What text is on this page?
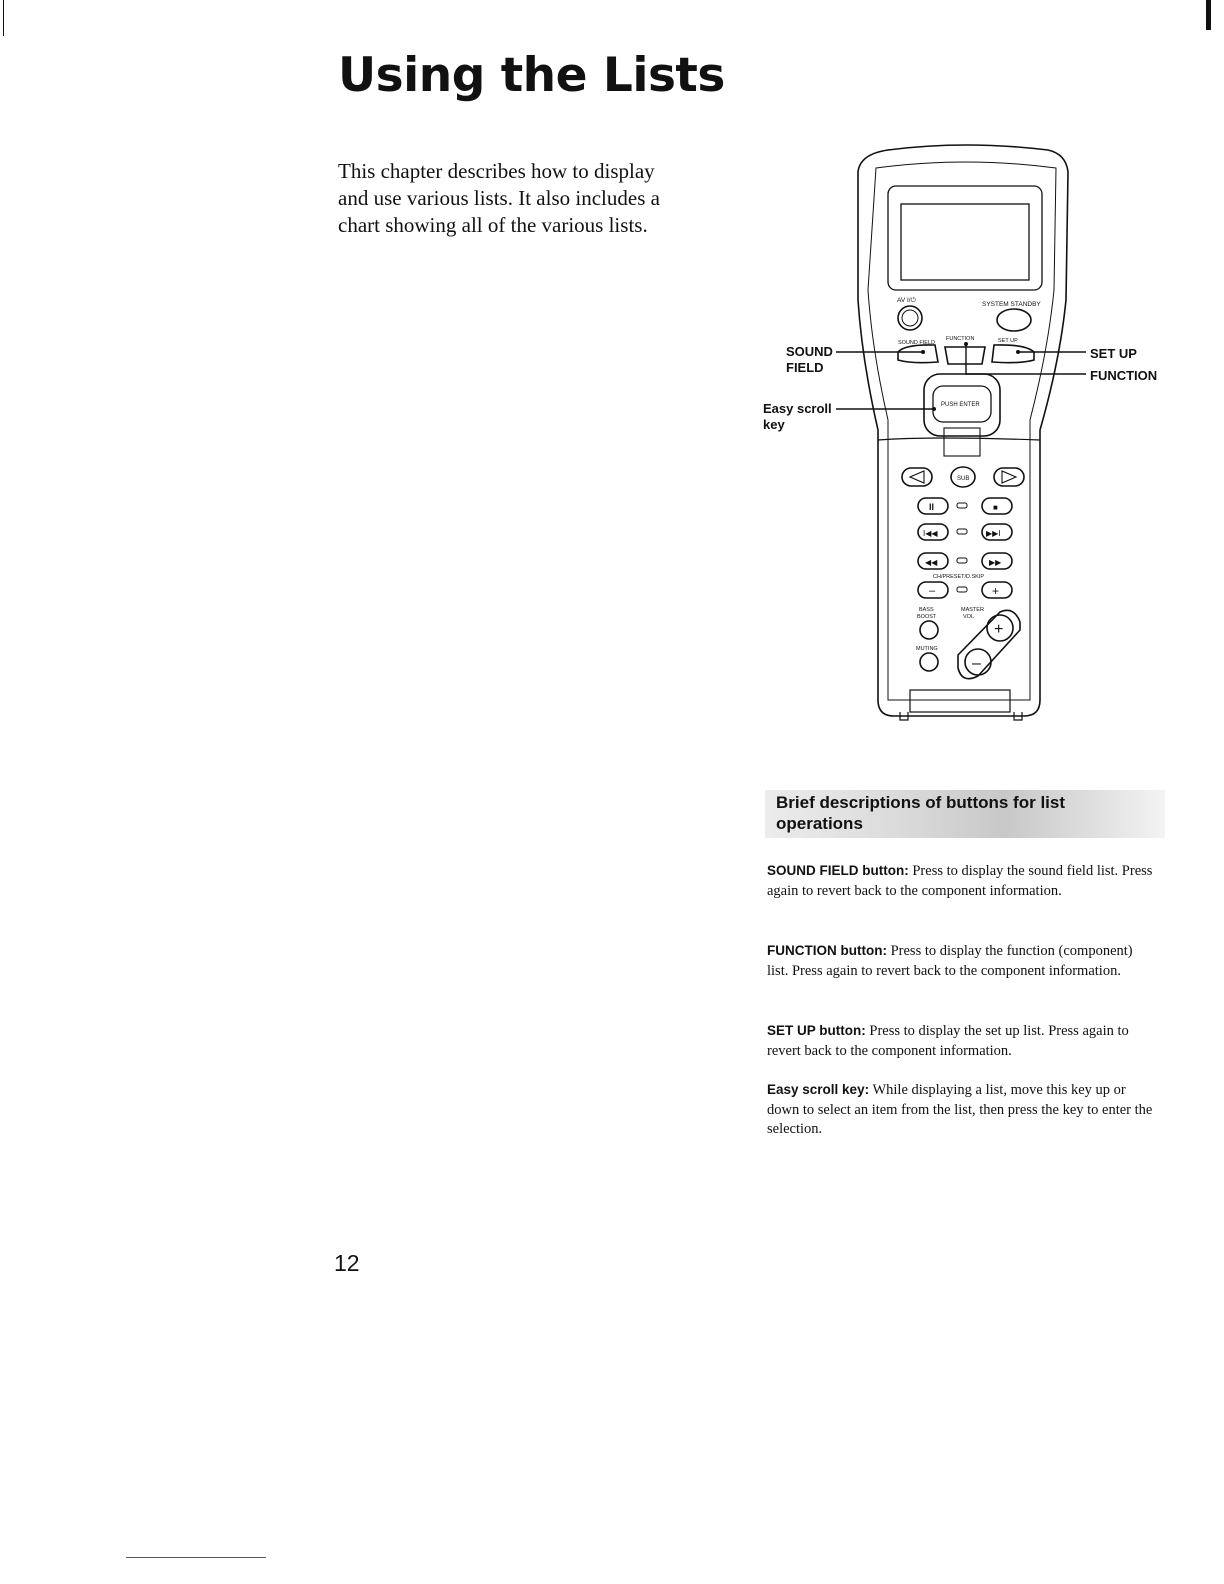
Using the Lists

This chapter describes how to display and use various lists. It also includes a chart showing all of the various lists.

SOUND
FIELD
Easy scroll
key
SET UP
FUNCTION
AV I/⏻
SYSTEM STANDBY
SOUND FIELD
FUNCTION	SET UP
PUSH ENTER
SUB
II	■
I◀◀	▶▶I
◀◀	▶▶
CH/PRESET/D.SKIP
–	+
BASS
BOOST
MASTER
VOL
MUTING
+
–
Brief descriptions of buttons for list
operations

SOUND FIELD button: Press to display the sound field list. Press again to revert back to the component information.

FUNCTION button: Press to display the function (component) list. Press again to revert back to the component information.

SET UP button: Press to display the set up list. Press again to revert back to the component information.

Easy scroll key: While displaying a list, move this key up or down to select an item from the list, then press the key to enter the selection.

12
